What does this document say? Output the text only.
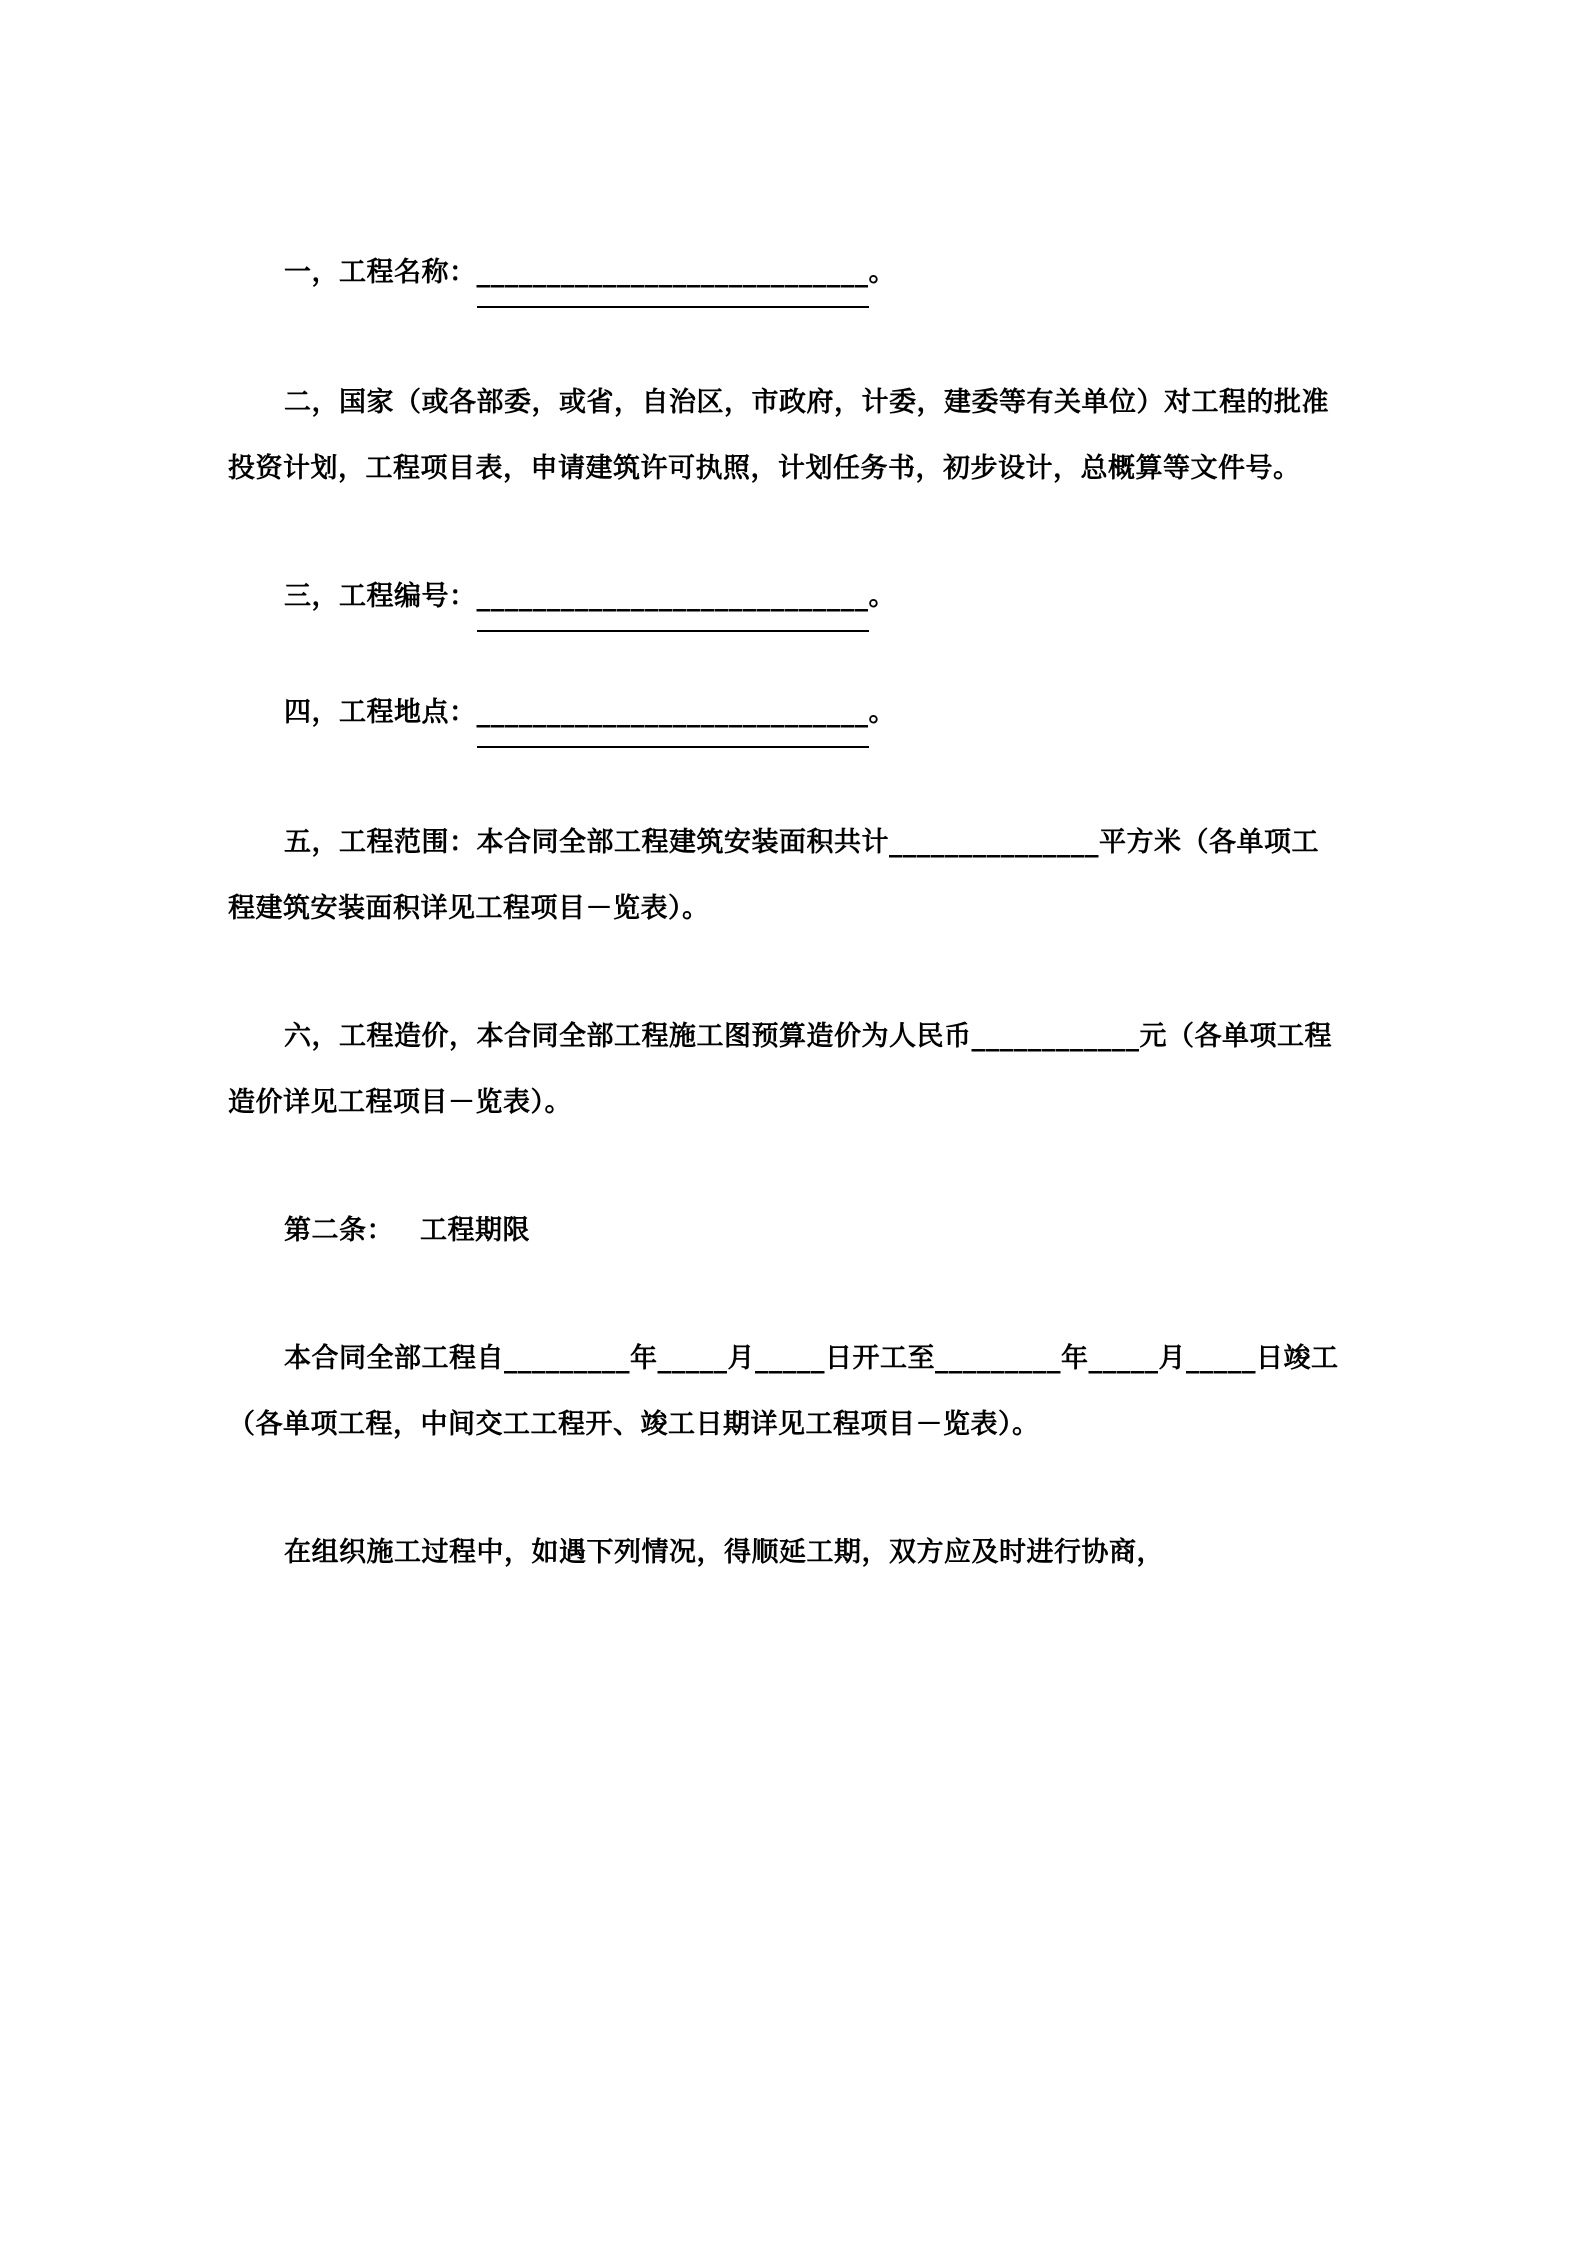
一，工程名称：____________________________。

二，国家（或各部委，或省，自治区，市政府，计委，建委等有关单位）对工程的批准投资计划，工程项目表，申请建筑许可执照，计划任务书，初步设计，总概算等文件号。

三，工程编号：____________________________。

四，工程地点：____________________________。

五，工程范围：本合同全部工程建筑安装面积共计_______________平方米（各单项工程建筑安装面积详见工程项目－览表）。

六，工程造价，本合同全部工程施工图预算造价为人民币____________元（各单项工程造价详见工程项目－览表）。

第二条： 工程期限

本合同全部工程自_________年_____月_____日开工至_________年_____月_____日竣工（各单项工程，中间交工工程开、竣工日期详见工程项目－览表）。

在组织施工过程中，如遇下列情况，得顺延工期，双方应及时进行协商，
